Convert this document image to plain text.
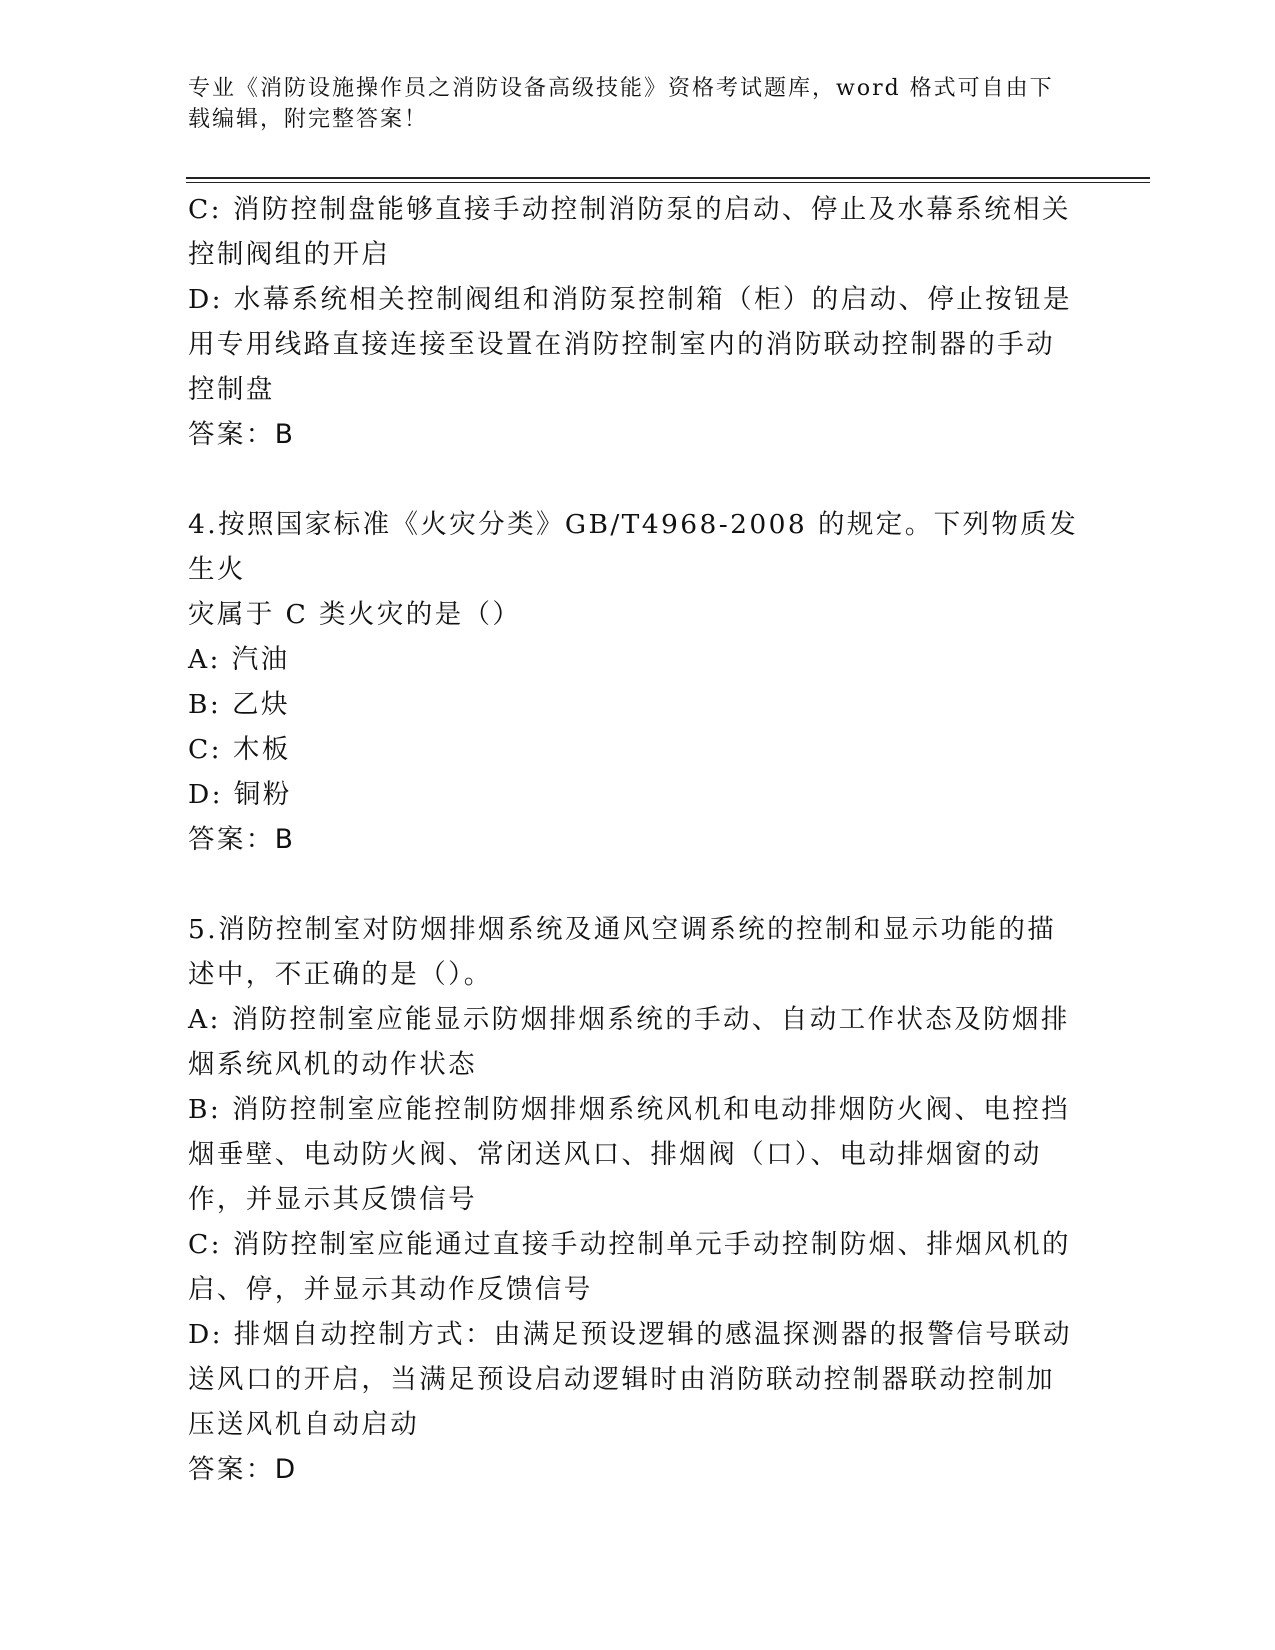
专业《消防设施操作员之消防设备高级技能》资格考试题库，word 格式可自由下
载编辑，附完整答案！
C: 消防控制盘能够直接手动控制消防泵的启动、停止及水幕系统相关
控制阀组的开启
D: 水幕系统相关控制阀组和消防泵控制箱（柜）的启动、停止按钮是
用专用线路直接连接至设置在消防控制室内的消防联动控制器的手动
控制盘
答案：B
4.按照国家标准《火灾分类》GB/T4968-2008 的规定。下列物质发生火
灾属于 C 类火灾的是（）
A: 汽油
B: 乙炔
C: 木板
D: 铜粉
答案：B
5.消防控制室对防烟排烟系统及通风空调系统的控制和显示功能的描
述中，不正确的是（）。
A: 消防控制室应能显示防烟排烟系统的手动、自动工作状态及防烟排
烟系统风机的动作状态
B: 消防控制室应能控制防烟排烟系统风机和电动排烟防火阀、电控挡
烟垂壁、电动防火阀、常闭送风口、排烟阀（口）、电动排烟窗的动
作，并显示其反馈信号
C: 消防控制室应能通过直接手动控制单元手动控制防烟、排烟风机的
启、停，并显示其动作反馈信号
D: 排烟自动控制方式：由满足预设逻辑的感温探测器的报警信号联动
送风口的开启，当满足预设启动逻辑时由消防联动控制器联动控制加
压送风机自动启动
答案：D
